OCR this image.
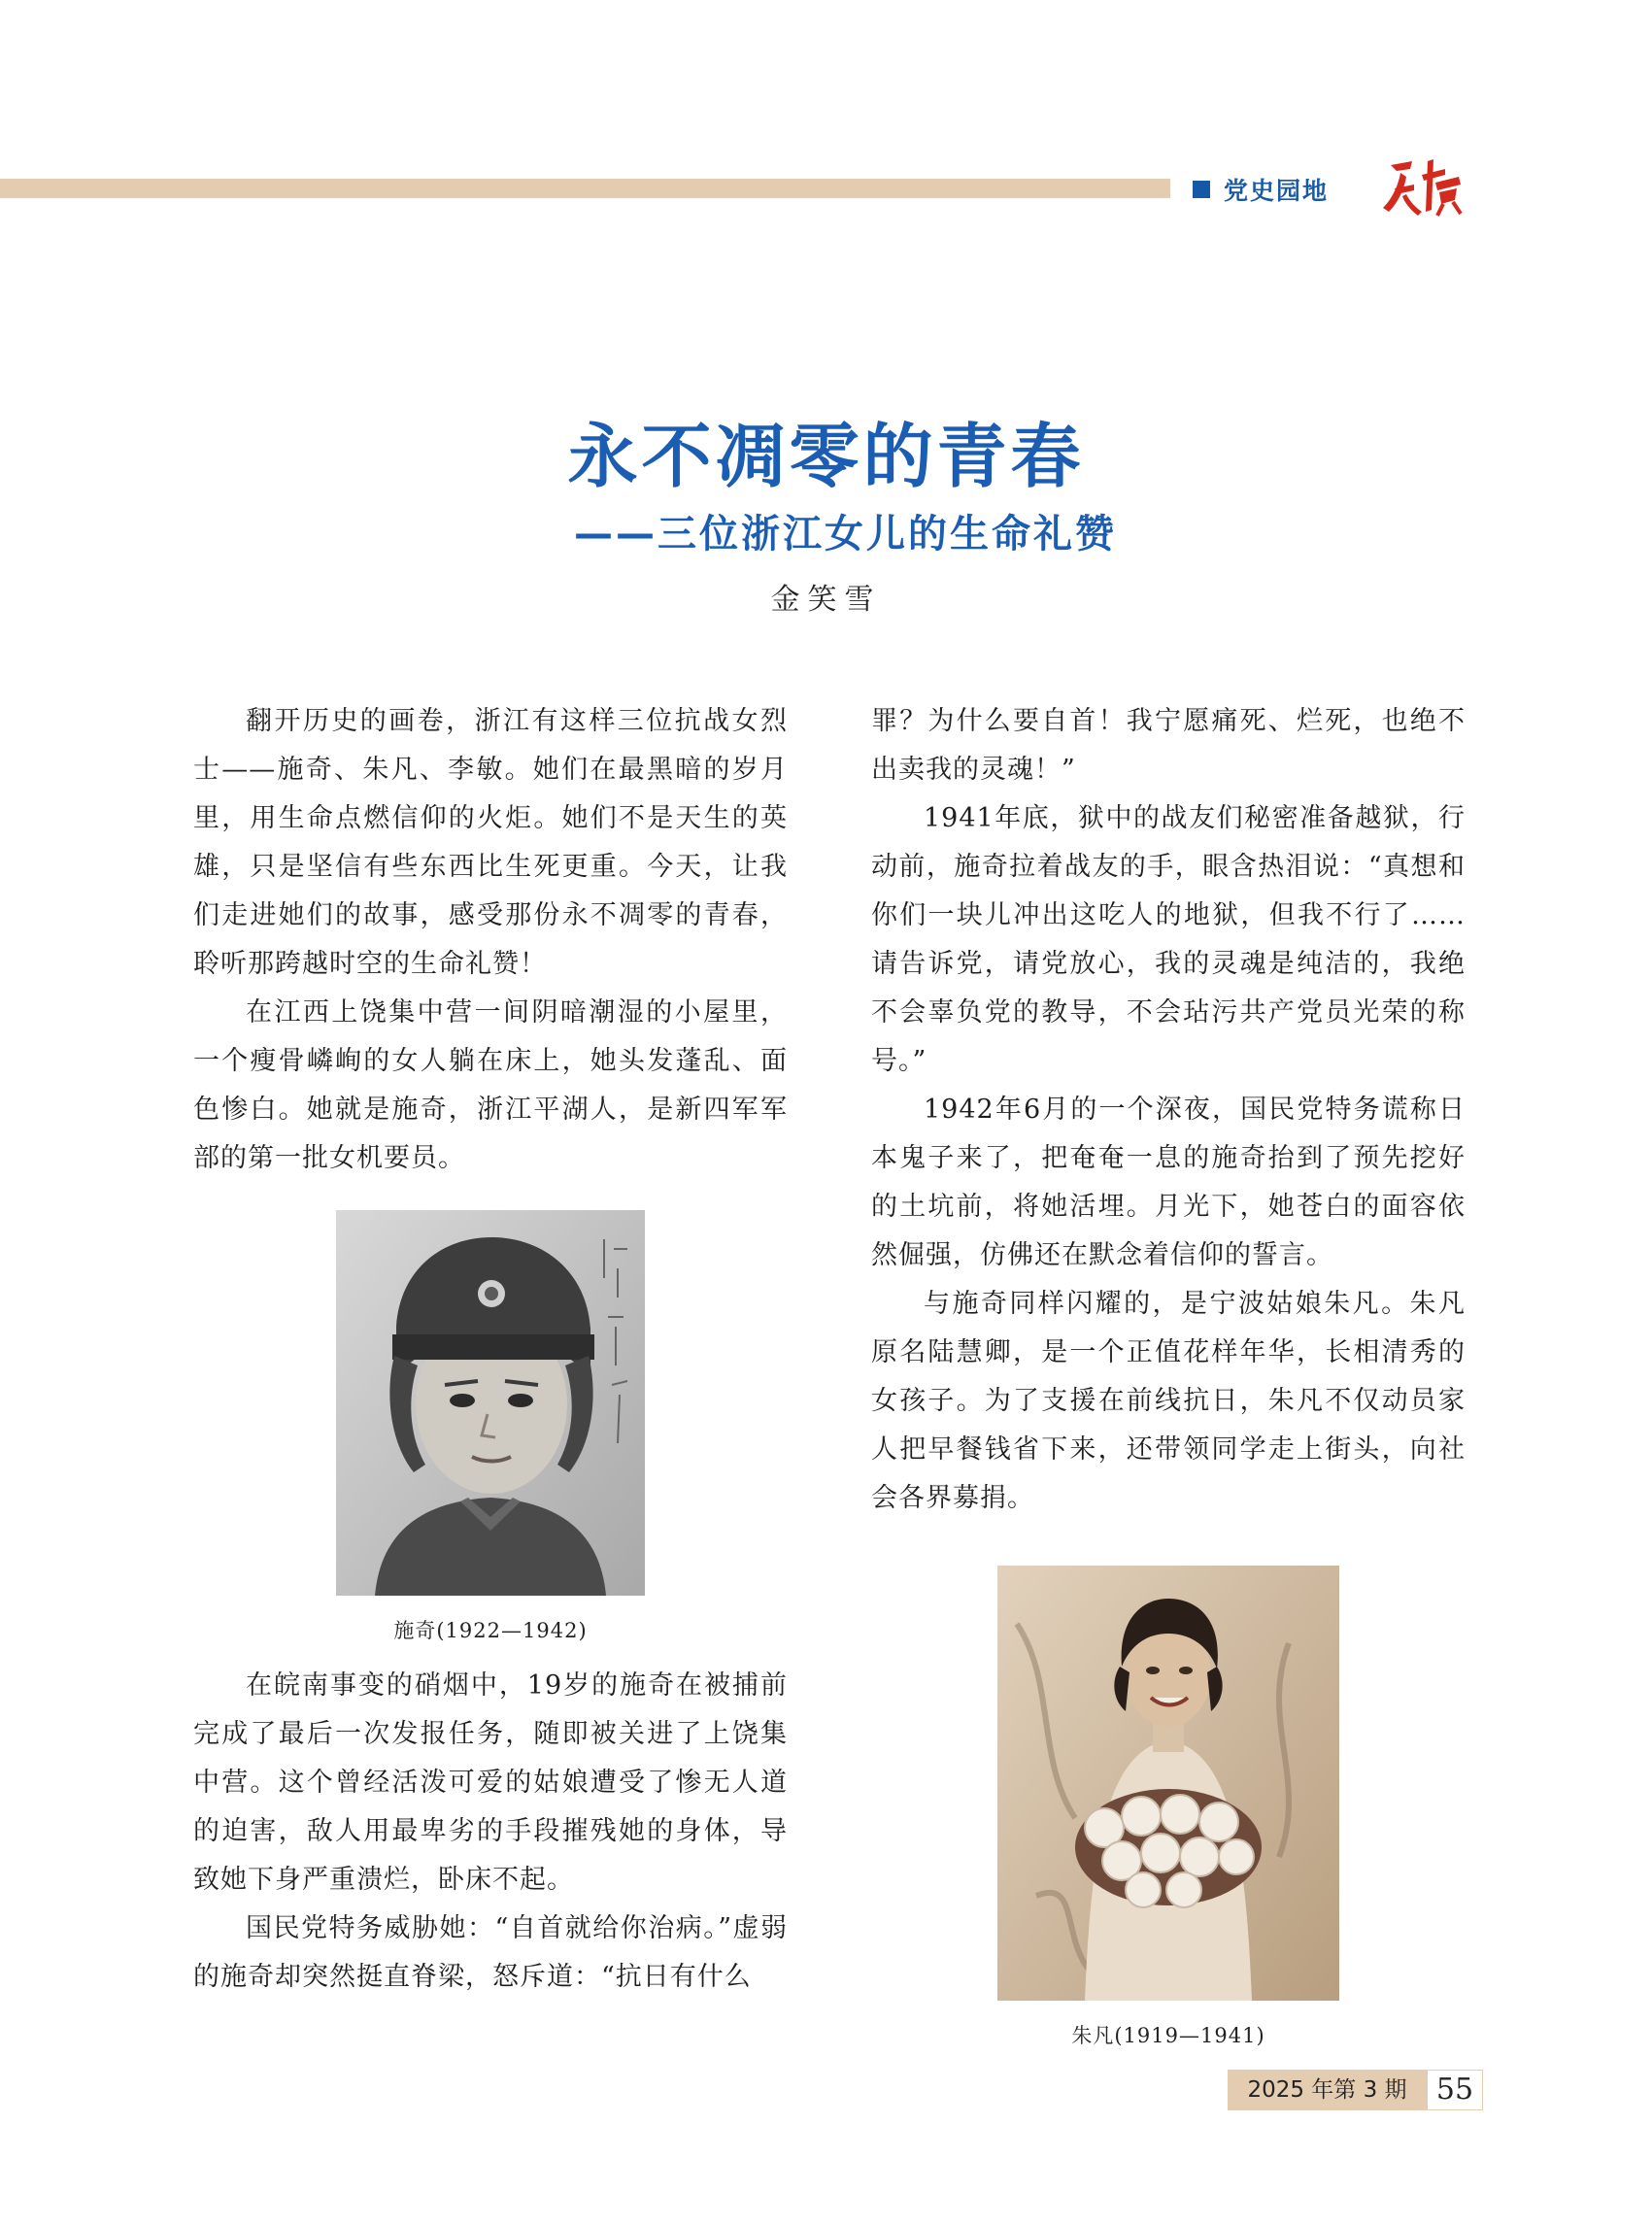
党史园地
永不凋零的青春
——三位浙江女儿的生命礼赞

金笑雪

翻开历史的画卷，浙江有这样三位抗战女烈士——施奇、朱凡、李敏。她们在最黑暗的岁月里，用生命点燃信仰的火炬。她们不是天生的英雄，只是坚信有些东西比生死更重。今天，让我们走进她们的故事，感受那份永不凋零的青春，聆听那跨越时空的生命礼赞！

在江西上饶集中营一间阴暗潮湿的小屋里，一个瘦骨嶙峋的女人躺在床上，她头发蓬乱、面色惨白。她就是施奇，浙江平湖人，是新四军军部的第一批女机要员。

施奇(1922—1942)

在皖南事变的硝烟中，19岁的施奇在被捕前完成了最后一次发报任务，随即被关进了上饶集中营。这个曾经活泼可爱的姑娘遭受了惨无人道的迫害，敌人用最卑劣的手段摧残她的身体，导致她下身严重溃烂，卧床不起。

国民党特务威胁她：“自首就给你治病。”虚弱的施奇却突然挺直脊梁，怒斥道：“抗日有什么

罪？为什么要自首！我宁愿痛死、烂死，也绝不出卖我的灵魂！”

1941年底，狱中的战友们秘密准备越狱，行动前，施奇拉着战友的手，眼含热泪说：“真想和你们一块儿冲出这吃人的地狱，但我不行了……请告诉党，请党放心，我的灵魂是纯洁的，我绝不会辜负党的教导，不会玷污共产党员光荣的称号。”

1942年6月的一个深夜，国民党特务谎称日本鬼子来了，把奄奄一息的施奇抬到了预先挖好的土坑前，将她活埋。月光下，她苍白的面容依然倔强，仿佛还在默念着信仰的誓言。

与施奇同样闪耀的，是宁波姑娘朱凡。朱凡原名陆慧卿，是一个正值花样年华，长相清秀的女孩子。为了支援在前线抗日，朱凡不仅动员家人把早餐钱省下来，还带领同学走上街头，向社会各界募捐。

朱凡(1919—1941)
2025 年第 3 期	55
